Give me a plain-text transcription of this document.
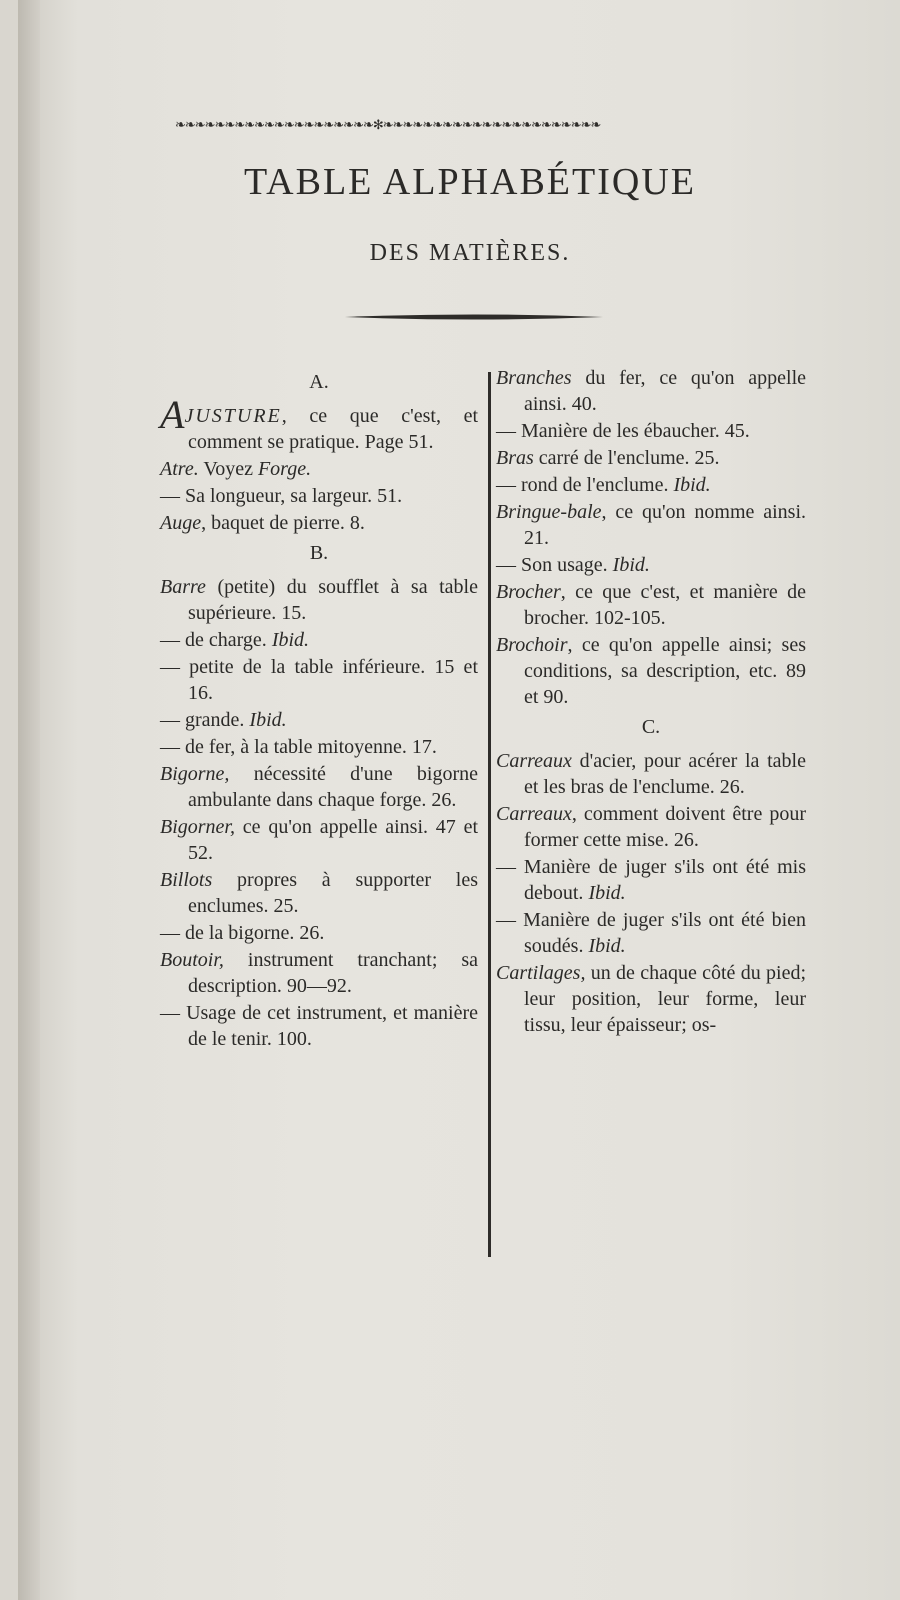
❧❧❧❧❧❧❧❧❧❧❧❧❧❧❧❧❧❧❧❧✻❧❧❧❧❧❧❧❧❧❧❧❧❧❧❧❧❧❧❧❧❧❧
TABLE ALPHABÉTIQUE
DES MATIÈRES.
A.
AJUSTURE, ce que c'est, et comment se pratique. Page 51.
Atre. Voyez Forge.
— Sa longueur, sa largeur. 51.
Auge, baquet de pierre. 8.
B.
Barre (petite) du soufflet à sa table supérieure. 15.
— de charge. Ibid.
— petite de la table inférieure. 15 et 16.
— grande. Ibid.
— de fer, à la table mitoyenne. 17.
Bigorne, nécessité d'une bigorne ambulante dans chaque forge. 26.
Bigorner, ce qu'on appelle ainsi. 47 et 52.
Billots propres à supporter les enclumes. 25.
— de la bigorne. 26.
Boutoir, instrument tranchant; sa description. 90—92.
— Usage de cet instrument, et manière de le tenir. 100.
Branches du fer, ce qu'on appelle ainsi. 40.
— Manière de les ébaucher. 45.
Bras carré de l'enclume. 25.
— rond de l'enclume. Ibid.
Bringue-bale, ce qu'on nomme ainsi. 21.
— Son usage. Ibid.
Brocher, ce que c'est, et manière de brocher. 102-105.
Brochoir, ce qu'on appelle ainsi; ses conditions, sa description, etc. 89 et 90.
C.
Carreaux d'acier, pour acérer la table et les bras de l'enclume. 26.
Carreaux, comment doivent être pour former cette mise. 26.
— Manière de juger s'ils ont été mis debout. Ibid.
— Manière de juger s'ils ont été bien soudés. Ibid.
Cartilages, un de chaque côté du pied; leur position, leur forme, leur tissu, leur épaisseur; os-
